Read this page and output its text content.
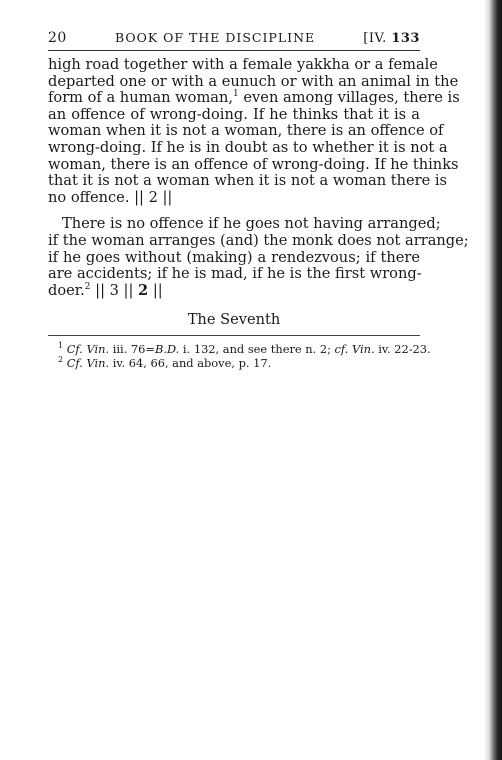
20	BOOK OF THE DISCIPLINE	[IV. 133

high road together with a female yakkha or a female
departed one or with a eunuch or with an animal in the
form of a human woman,$^1$ even among villages, there is
an offence of wrong-doing. If he thinks that it is a
woman when it is not a woman, there is an offence of
wrong-doing. If he is in doubt as to whether it is not a
woman, there is an offence of wrong-doing. If he thinks
that it is not a woman when it is not a woman there is
no offence. || 2 ||

There is no offence if he goes not having arranged;
if the woman arranges (and) the monk does not arrange;
if he goes without (making) a rendezvous; if there
are accidents; if he is mad, if he is the first wrong-
doer.$^2$ || 3 || 2 ||

The Seventh
$^1$ Cf. Vin. iii. 76=B.D. i. 132, and see there n. 2; cf. Vin. iv. 22-23.
$^2$ Cf. Vin. iv. 64, 66, and above, p. 17.
